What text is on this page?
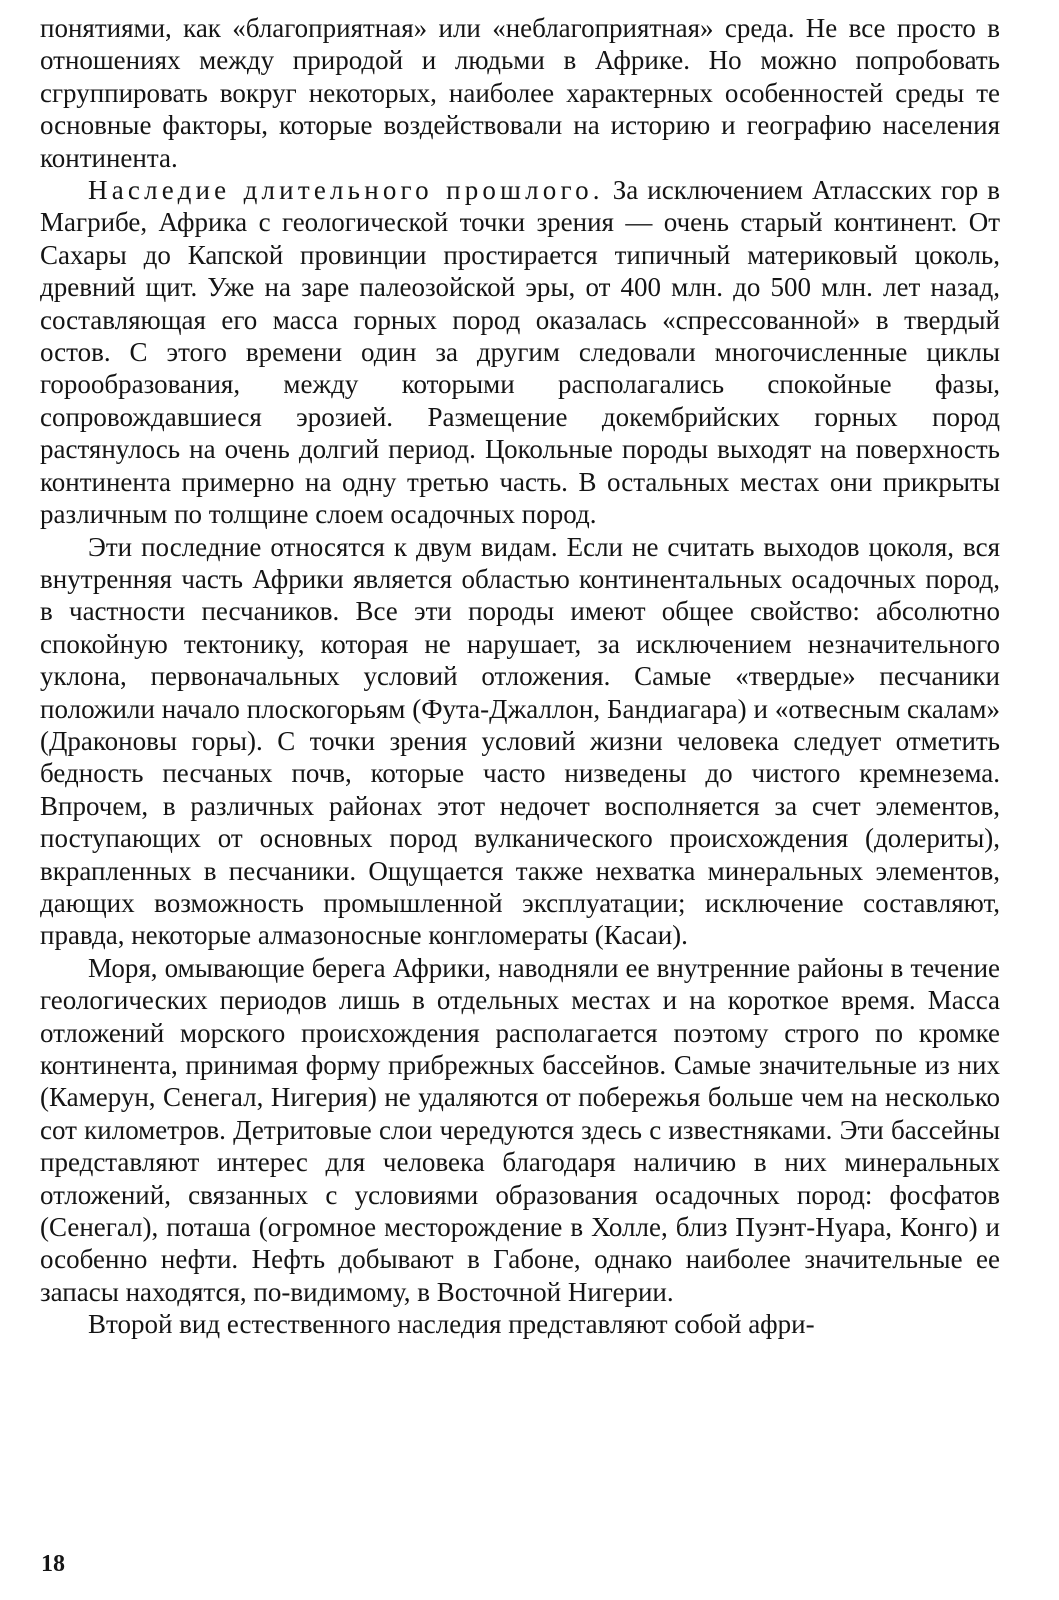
понятиями, как «благоприятная» или «неблагоприятная» среда. Не все просто в отношениях между природой и людьми в Африке. Но можно попробовать сгруппировать вокруг некоторых, наиболее характерных особенностей среды те основные факторы, которые воздействовали на историю и географию населения континента.

Наследие длительного прошлого. За исключением Атласских гор в Магрибе, Африка с геологической точки зрения — очень старый континент. От Сахары до Капской провинции простирается типичный материковый цоколь, древний щит. Уже на заре палеозойской эры, от 400 млн. до 500 млн. лет назад, составляющая его масса горных пород оказалась «спрессованной» в твердый остов. С этого времени один за другим следовали многочисленные циклы горообразования, между которыми располагались спокойные фазы, сопровождавшиеся эрозией. Размещение докембрийских горных пород растянулось на очень долгий период. Цокольные породы выходят на поверхность континента примерно на одну третью часть. В остальных местах они прикрыты различным по толщине слоем осадочных пород.

Эти последние относятся к двум видам. Если не считать выходов цоколя, вся внутренняя часть Африки является областью континентальных осадочных пород, в частности песчаников. Все эти породы имеют общее свойство: абсолютно спокойную тектонику, которая не нарушает, за исключением незначительного уклона, первоначальных условий отложения. Самые «твердые» песчаники положили начало плоскогорьям (Фута-Джаллон, Бандиагара) и «отвесным скалам» (Драконовы горы). С точки зрения условий жизни человека следует отметить бедность песчаных почв, которые часто низведены до чистого кремнезема. Впрочем, в различных районах этот недочет восполняется за счет элементов, поступающих от основных пород вулканического происхождения (долериты), вкрапленных в песчаники. Ощущается также нехватка минеральных элементов, дающих возможность промышленной эксплуатации; исключение составляют, правда, некоторые алмазоносные конгломераты (Касаи).

Моря, омывающие берега Африки, наводняли ее внутренние районы в течение геологических периодов лишь в отдельных местах и на короткое время. Масса отложений морского происхождения располагается поэтому строго по кромке континента, принимая форму прибрежных бассейнов. Самые значительные из них (Камерун, Сенегал, Нигерия) не удаляются от побережья больше чем на несколько сот километров. Детритовые слои чередуются здесь с известняками. Эти бассейны представляют интерес для человека благодаря наличию в них минеральных отложений, связанных с условиями образования осадочных пород: фосфатов (Сенегал), поташа (огромное месторождение в Холле, близ Пуэнт-Нуара, Конго) и особенно нефти. Нефть добывают в Габоне, однако наиболее значительные ее запасы находятся, по-видимому, в Восточной Нигерии.

Второй вид естественного наследия представляют собой афри-

18
